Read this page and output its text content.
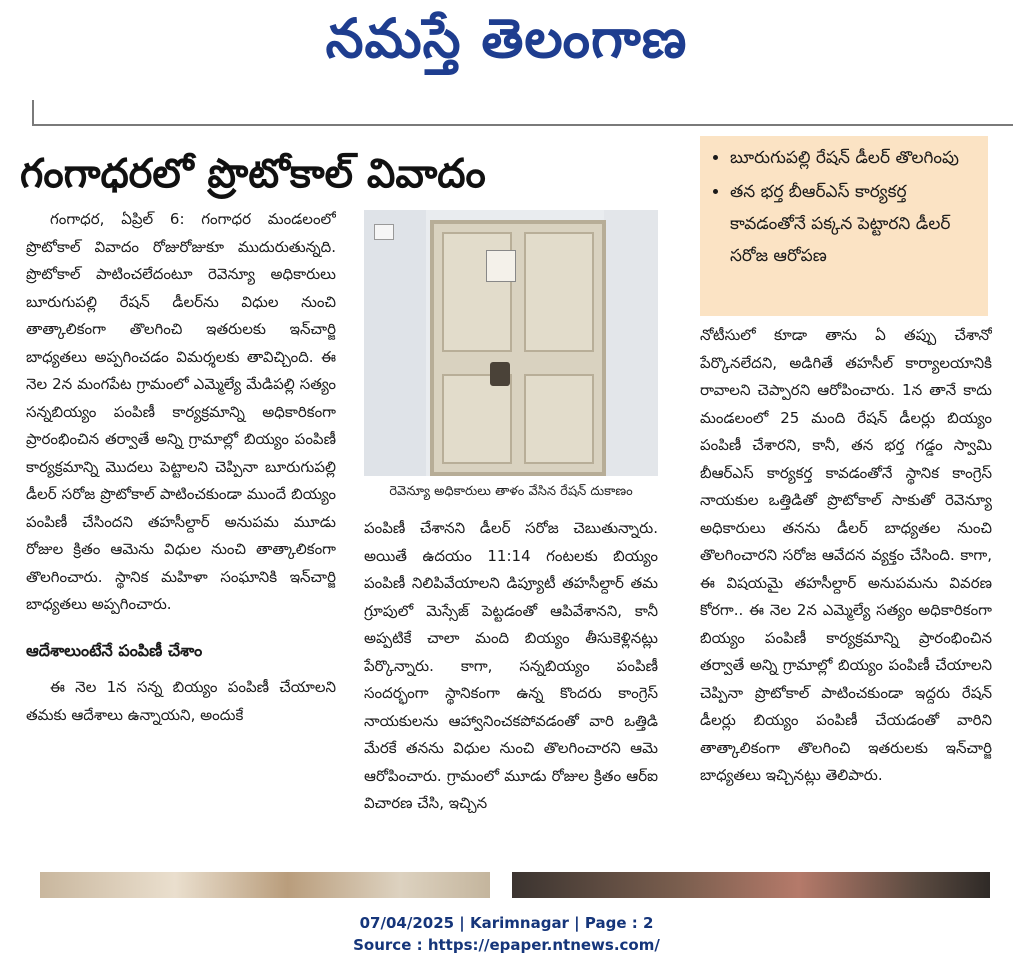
నమస్తే తెలంగాణ
గంగాధరలో ప్రొటోకాల్ వివాదం
•	బూరుగుపల్లి రేషన్ డీలర్ తొలగింపు
• తన భర్త బీఆర్ఎస్ కార్యకర్త కావడంతోనే పక్కన పెట్టారని డీలర్ సరోజ ఆరోపణ

గంగాధర, ఏప్రిల్ 6: గంగాధర మండలంలో ప్రొటోకాల్ వివాదం రోజురోజుకూ ముదురుతున్నది. ప్రొటోకాల్ పాటించలేదంటూ రెవెన్యూ అధికారులు బూరుగుపల్లి రేషన్ డీలర్‌ను విధుల నుంచి తాత్కాలికంగా తొలగించి ఇతరులకు ఇన్‌చార్జి బాధ్యతలు అప్పగించడం విమర్శలకు తావిచ్చింది. ఈ నెల 2న మంగపేట గ్రామంలో ఎమ్మెల్యే మేడిపల్లి సత్యం సన్నబియ్యం పంపిణీ కార్యక్రమాన్ని అధికారికంగా ప్రారంభించిన తర్వాతే అన్ని గ్రామాల్లో బియ్యం పంపిణీ కార్యక్రమాన్ని మొదలు పెట్టాలని చెప్పినా బూరుగుపల్లి డీలర్ సరోజ ప్రొటోకాల్ పాటించకుండా ముందే బియ్యం పంపిణీ చేసిందని తహసీల్దార్ అనుపమ మూడు రోజుల క్రితం ఆమెను విధుల నుంచి తాత్కాలికంగా తొలగించారు. స్థానిక మహిళా సంఘానికి ఇన్‌చార్జి బాధ్యతలు అప్పగించారు.

ఆదేశాలుంటేనే పంపిణీ చేశాం

ఈ నెల 1న సన్న బియ్యం పంపిణీ చేయాలని తమకు ఆదేశాలు ఉన్నాయని, అందుకే

రెవెన్యూ అధికారులు తాళం వేసిన రేషన్ దుకాణం

పంపిణీ చేశానని డీలర్ సరోజ చెబుతున్నారు. అయితే ఉదయం 11:14 గంటలకు బియ్యం పంపిణీ నిలిపివేయాలని డిప్యూటీ తహసీల్దార్ తమ గ్రూపులో మెస్సేజ్ పెట్టడంతో ఆపివేశానని, కానీ అప్పటికే చాలా మంది బియ్యం తీసుకెళ్లినట్లు పేర్కొన్నారు. కాగా, సన్నబియ్యం పంపిణీ సందర్భంగా స్థానికంగా ఉన్న కొందరు కాంగ్రెస్ నాయకులను ఆహ్వానించకపోవడంతో వారి ఒత్తిడి మేరకే తనను విధుల నుంచి తొలగించారని ఆమె ఆరోపించారు. గ్రామంలో మూడు రోజుల క్రితం ఆర్ఐ విచారణ చేసి, ఇచ్చిన

నోటీసులో కూడా తాను ఏ తప్పు చేశానో పేర్కొనలేదని, అడిగితే తహసీల్ కార్యాలయానికి రావాలని చెప్పారని ఆరోపించారు. 1న తానే కాదు మండలంలో 25 మంది రేషన్ డీలర్లు బియ్యం పంపిణీ చేశారని, కానీ, తన భర్త గడ్డం స్వామి బీఆర్ఎస్ కార్యకర్త కావడంతోనే స్థానిక కాంగ్రెస్ నాయకుల ఒత్తిడితో ప్రొటోకాల్ సాకుతో రెవెన్యూ అధికారులు తనను డీలర్ బాధ్యతల నుంచి తొలగించారని సరోజ ఆవేదన వ్యక్తం చేసింది. కాగా, ఈ విషయమై తహసీల్దార్ అనుపమను వివరణ కోరగా.. ఈ నెల 2న ఎమ్మెల్యే సత్యం అధికారికంగా బియ్యం పంపిణీ కార్యక్రమాన్ని ప్రారంభించిన తర్వాతే అన్ని గ్రామాల్లో బియ్యం పంపిణీ చేయాలని చెప్పినా ప్రొటోకాల్ పాటించకుండా ఇద్దరు రేషన్ డీలర్లు బియ్యం పంపిణీ చేయడంతో వారిని తాత్కాలికంగా తొలగించి ఇతరులకు ఇన్‌చార్జి బాధ్యతలు ఇచ్చినట్లు తెలిపారు.

07/04/2025 | Karimnagar | Page : 2
Source : https://epaper.ntnews.com/
